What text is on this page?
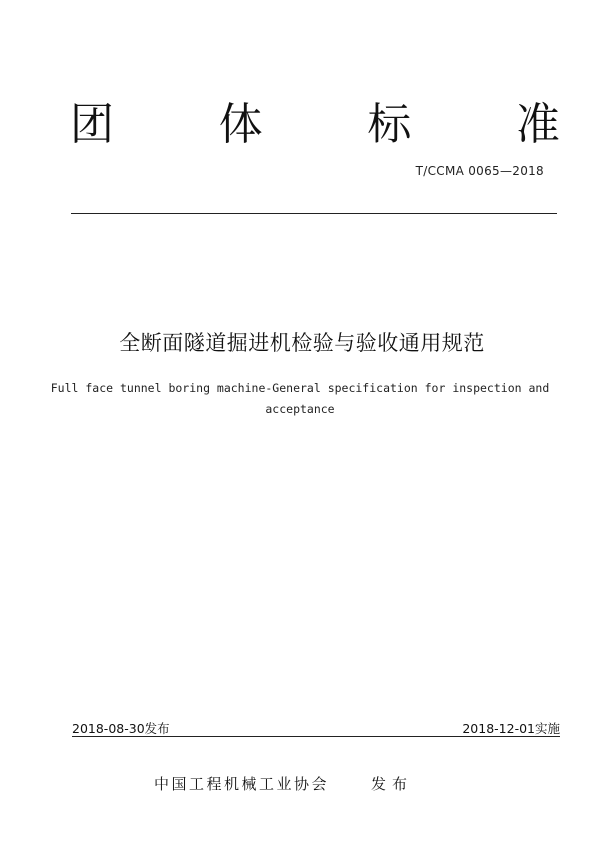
团 体 标 准
T/CCMA 0065—2018
全断面隧道掘进机检验与验收通用规范
Full face tunnel boring machine-General specification for inspection and
acceptance
2018-08-30发布	2018-12-01实施
中国工程机械工业协会	发布
